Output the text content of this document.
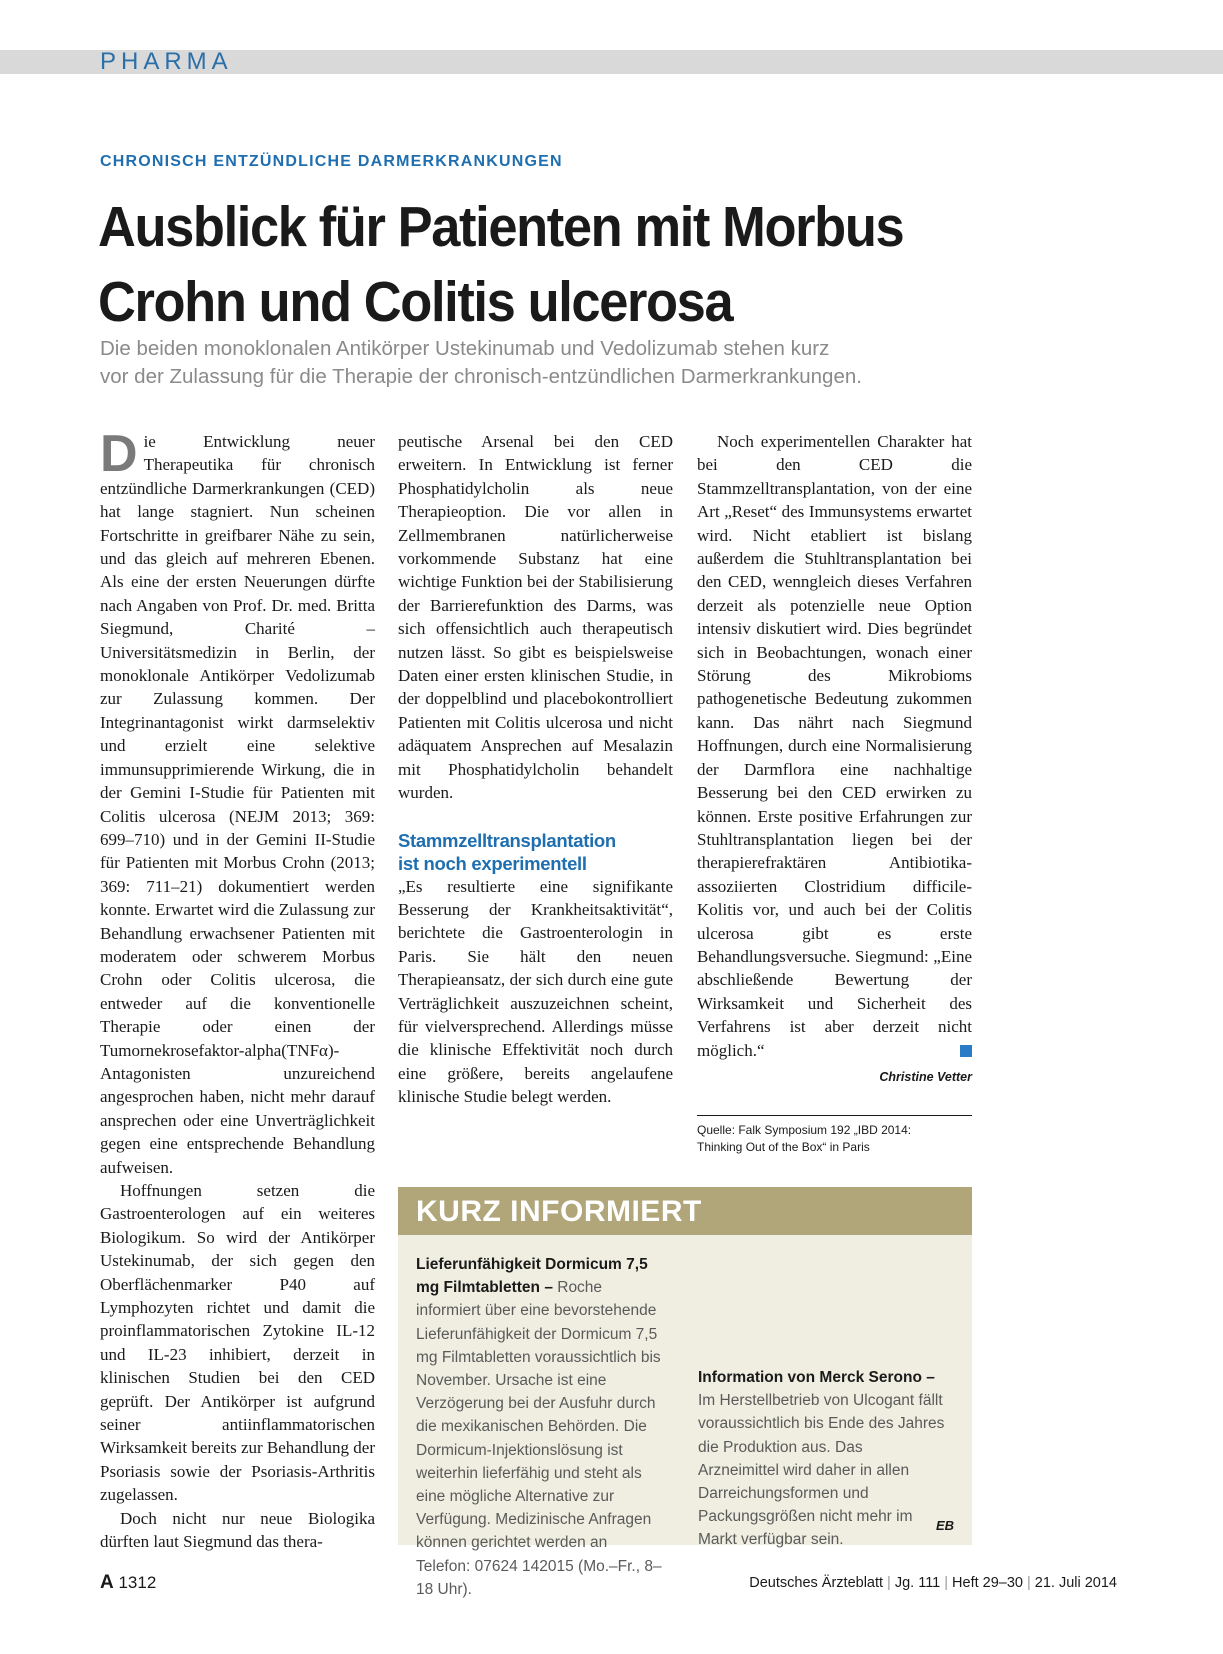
PHARMA
CHRONISCH ENTZÜNDLICHE DARMERKRANKUNGEN
Ausblick für Patienten mit Morbus
Crohn und Colitis ulcerosa
Die beiden monoklonalen Antikörper Ustekinumab und Vedolizumab stehen kurz
vor der Zulassung für die Therapie der chronisch-entzündlichen Darmerkrankungen.

Die Entwicklung neuer Therapeutika für chronisch entzündliche Darmerkrankungen (CED) hat lange stagniert. Nun scheinen Fortschritte in greifbarer Nähe zu sein, und das gleich auf mehreren Ebenen. Als eine der ersten Neuerungen dürfte nach Angaben von Prof. Dr. med. Britta Siegmund, Charité – Universitätsmedizin in Berlin, der monoklonale Antikörper Vedolizumab zur Zulassung kommen. Der Integrinantagonist wirkt darmselektiv und erzielt eine selektive immunsupprimierende Wirkung, die in der Gemini I-Studie für Patienten mit Colitis ulcerosa (NEJM 2013; 369: 699–710) und in der Gemini II-Studie für Patienten mit Morbus Crohn (2013; 369: 711–21) dokumentiert werden konnte. Erwartet wird die Zulassung zur Behandlung erwachsener Patienten mit moderatem oder schwerem Morbus Crohn oder Colitis ulcerosa, die entweder auf die konventionelle Therapie oder einen der Tumornekrosefaktor-alpha(TNFα)-Antagonisten unzureichend angesprochen haben, nicht mehr darauf ansprechen oder eine Unverträglichkeit gegen eine entsprechende Behandlung aufweisen.

Hoffnungen setzen die Gastroenterologen auf ein weiteres Biologikum. So wird der Antikörper Ustekinumab, der sich gegen den Oberflächenmarker P40 auf Lymphozyten richtet und damit die proinflammatorischen Zytokine IL-12 und IL-23 inhibiert, derzeit in klinischen Studien bei den CED geprüft. Der Antikörper ist aufgrund seiner antiinflammatorischen Wirksamkeit bereits zur Behandlung der Psoriasis sowie der Psoriasis-Arthritis zugelassen.

Doch nicht nur neue Biologika dürften laut Siegmund das thera-

peutische Arsenal bei den CED erweitern. In Entwicklung ist ferner Phosphatidylcholin als neue Therapieoption. Die vor allen in Zellmembranen natürlicherweise vorkommende Substanz hat eine wichtige Funktion bei der Stabilisierung der Barrierefunktion des Darms, was sich offensichtlich auch therapeutisch nutzen lässt. So gibt es beispielsweise Daten einer ersten klinischen Studie, in der doppelblind und placebokontrolliert Patienten mit Colitis ulcerosa und nicht adäquatem Ansprechen auf Mesalazin mit Phosphatidylcholin behandelt wurden.

Stammzelltransplantation
ist noch experimentell

„Es resultierte eine signifikante Besserung der Krankheitsaktivität“, berichtete die Gastroenterologin in Paris. Sie hält den neuen Therapieansatz, der sich durch eine gute Verträglichkeit auszuzeichnen scheint, für vielversprechend. Allerdings müsse die klinische Effektivität noch durch eine größere, bereits angelaufene klinische Studie belegt werden.

Noch experimentellen Charakter hat bei den CED die Stammzelltransplantation, von der eine Art „Reset“ des Immunsystems erwartet wird. Nicht etabliert ist bislang außerdem die Stuhltransplantation bei den CED, wenngleich dieses Verfahren derzeit als potenzielle neue Option intensiv diskutiert wird. Dies begründet sich in Beobachtungen, wonach einer Störung des Mikrobioms pathogenetische Bedeutung zukommen kann. Das nährt nach Siegmund Hoffnungen, durch eine Normalisierung der Darmflora eine nachhaltige Besserung bei den CED erwirken zu können. Erste positive Erfahrungen zur Stuhltransplantation liegen bei der therapierefraktären Antibiotika-assoziierten Clostridium difficile-Kolitis vor, und auch bei der Colitis ulcerosa gibt es erste Behandlungsversuche. Siegmund: „Eine abschließende Bewertung der Wirksamkeit und Sicherheit des Verfahrens ist aber derzeit nicht möglich.“

Christine Vetter
Quelle: Falk Symposium 192 „IBD 2014:
Thinking Out of the Box“ in Paris
KURZ INFORMIERT

Lieferunfähigkeit Dormicum 7,5 mg Filmtabletten – Roche informiert über eine bevorstehende Lieferunfähigkeit der Dormicum 7,5 mg Filmtabletten voraussichtlich bis November. Ursache ist eine Verzögerung bei der Ausfuhr durch die mexikanischen Behörden. Die Dormicum-Injektionslösung ist weiterhin lieferfähig und steht als eine mögliche Alternative zur Verfügung. Medizinische Anfragen können gerichtet werden an Telefon: 07624 142015 (Mo.–Fr., 8–18 Uhr).

Information von Merck Serono – Im Herstellbetrieb von Ulcogant fällt voraussichtlich bis Ende des Jahres die Produktion aus. Das Arzneimittel wird daher in allen Darreichungsformen und Packungsgrößen nicht mehr im Markt verfügbar sein.

EB
A 1312	Deutsches Ärzteblatt | Jg. 111 | Heft 29–30 | 21. Juli 2014
